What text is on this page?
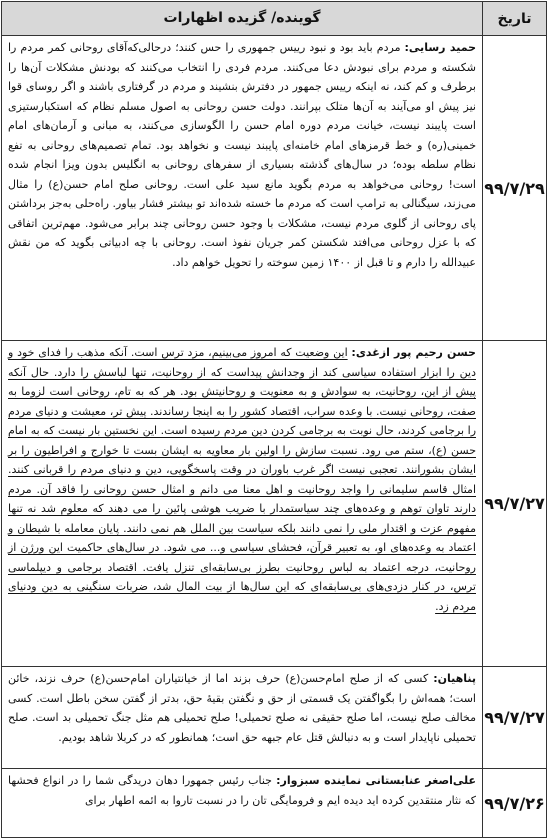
تاریخ
گوینده/ گزیده اظهارات
۹۹/۷/۲۹
حمید رسایی: مردم باید بود و نبود رییس جمهوری را حس کنند؛ درحالی‌که‌آقای روحانی کمر مردم را شکسته و مردم برای نبودش دعا می‌کنند. مردم فردی را انتخاب می‌کنند که بودنش مشکلات آن‌ها را برطرف و کم کند، نه اینکه رییس جمهور در دفترش بنشیند و مردم در گرفتاری باشند و اگر روسای قوا نیز پیش او می‌آیند به آن‌ها متلک بپرانند. دولت حسن روحانی به اصول مسلم نظام که استکبارستیزی است پایبند نیست، خیانت مردم دوره امام حسن را الگوسازی می‌کنند، به مبانی و آرمان‌های امام خمینی(ره) و خط قرمزهای امام خامنه‌ای پایبند نیست و نخواهد بود. تمام تصمیم‌های روحانی به تفع نظام سلطه بوده؛ در سال‌های گذشته بسیاری از سفرهای روحانی به انگلیس بدون ویزا انجام شده است! روحانی می‌خواهد به مردم بگوید مانع سید علی است. روحانی صلح امام حسن(ع) را مثال می‌زند، سیگنالی به ترامپ است که مردم ما خسته شده‌اند تو بیشتر فشار بیاور. راه‌حلی به‌جز برداشتن پای روحانی از گلوی مردم نیست، مشکلات با وجود حسن روحانی چند برابر می‌شود. مهم‌ترین اتفاقی که با عزل روحانی می‌افتد شکستن کمر جریان نفوذ است. روحانی با چه ادبیاتی بگوید که من نقش عبیدالله را دارم و تا قبل از ۱۴۰۰ زمین سوخته را تحویل خواهم داد.
۹۹/۷/۲۷
حسن رحیم پور ازغدی: این وضعیت که امروز می‌بینیم، مزد ترس است. آنکه مذهب را فدای خود و دین را ابزار استفاده سیاسی کند از وجدانش پیداست که از روحانیت، تنها لباسش را دارد. حال آنکه پیش از این، روحانیت، به سوادش و به معنویت و روحانیتش بود. هر که به تام، روحانی است لزوما به صفت، روحانی نیست. با وعده سراب، اقتصاد کشور را به اینجا رساندند. پیش تر، معیشت و دنیای مردم را برجامی کردند، حال نوبت به برجامی کردن دین مردم رسیده است. این نخستین بار نیست که به امام حسن (ع)، ستم می رود. نسبت سازش را اولین بار معاویه به ایشان بست تا خوارج و افراطیون را بر ایشان بشورانند. تعجبی نیست اگر غرب باوران در وقت پاسخگویی، دین و دنیای مردم را قربانی کنند. امثال قاسم سلیمانی را واجد روحانیت و اهل معنا می دانم و امثال حسن روحانی را فاقد آن. مردم دارند تاوان توهم و وعده‌های چند سیاستمدار با ضریب هوشی پائین را می دهند که معلوم شد نه تنها مفهوم عزت و اقتدار ملی را نمی دانند بلکه سیاست بین الملل هم نمی دانند. پایان معامله با شیطان و اعتماد به وعده‌های او، به تعبیر قرآن، فحشای سیاسی و... می شود. در سال‌های حاکمیت این ورژن از روحانیت، درجه اعتماد به لباس روحانیت بطرز بی‌سابقه‌ای تنزل یافت. اقتصاد برجامی و دیپلماسی ترس، در کنار دزدی‌های بی‌سابقه‌ای که این سال‌ها از بیت المال شد، ضربات سنگینی به دین ودنیای مردم زد.
۹۹/۷/۲۷
پناهیان: کسی که از صلح امام‌حسن(ع) حرف بزند اما از خیانتیاران امام‌حسن(ع) حرف نزند، خائن است؛ همه‌اش را بگو‌اگفتن یک قسمتی از حق و نگفتن بقیهٔ حق، بدتر از گفتن سخن باطل است. کسی مخالف صلح نیست، اما صلح حقیقی نه صلح تحمیلی! صلح تحمیلی هم مثل جنگ تحمیلی بد است. صلح تحمیلی ناپایدار است و به دنبالش قتل عام جبهه حق است؛ همانطور که در کربلا شاهد بودیم.
۹۹/۷/۲۶
علی‌اصغر عنابستانی نماینده سبزوار: جناب رئیس جمهورا دهان دریدگی شما را در انواع فحشها که نثار منتقدین کرده اید دیده ایم و فرومایگی تان را در نسبت تاروا به ائمه اطهار برای
